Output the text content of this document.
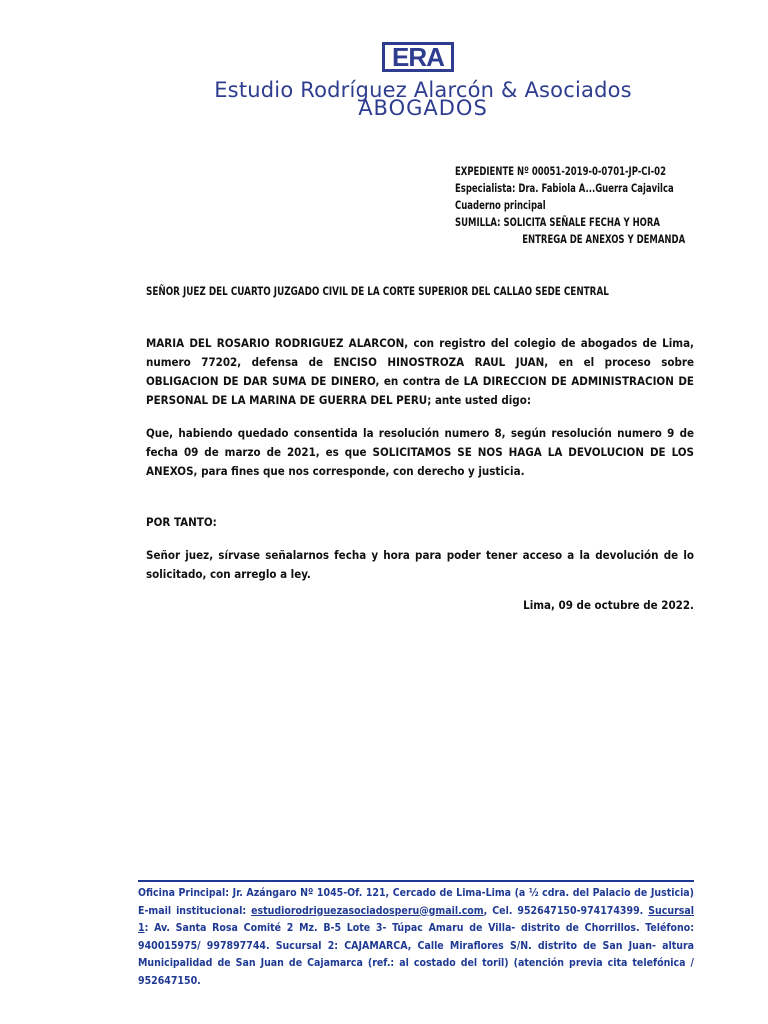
ERA
Estudio Rodríguez Alarcón & Asociados
ABOGADOS
EXPEDIENTE Nº 00051-2019-0-0701-JP-CI-02
Especialista: Dra. Fabiola A...Guerra Cajavilca
Cuaderno principal
SUMILLA: SOLICITA SEÑALE FECHA Y HORA
ENTREGA DE ANEXOS Y DEMANDA
SEÑOR JUEZ DEL CUARTO JUZGADO CIVIL DE LA CORTE SUPERIOR DEL CALLAO SEDE CENTRAL
MARIA DEL ROSARIO RODRIGUEZ ALARCON, con registro del colegio de abogados de Lima, numero 77202, defensa de ENCISO HINOSTROZA RAUL JUAN, en el proceso sobre OBLIGACION DE DAR SUMA DE DINERO, en contra de LA DIRECCION DE ADMINISTRACION DE PERSONAL DE LA MARINA DE GUERRA DEL PERU; ante usted digo:
Que, habiendo quedado consentida la resolución numero 8, según resolución numero 9 de fecha 09 de marzo de 2021, es que SOLICITAMOS SE NOS HAGA LA DEVOLUCION DE LOS ANEXOS, para fines que nos corresponde, con derecho y justicia.
POR TANTO:
Señor juez, sírvase señalarnos fecha y hora para poder tener acceso a la devolución de lo solicitado, con arreglo a ley.
Lima, 09 de octubre de 2022.
Oficina Principal: Jr. Azángaro Nº 1045-Of. 121, Cercado de Lima-Lima (a ½ cdra. del Palacio de Justicia) E-mail institucional: estudiorodriguezasociadosperu@gmail.com, Cel. 952647150-974174399. Sucursal 1: Av. Santa Rosa Comité 2 Mz. B-5 Lote 3- Túpac Amaru de Villa- distrito de Chorrillos. Teléfono: 940015975/ 997897744. Sucursal 2: CAJAMARCA, Calle Miraflores S/N. distrito de San Juan- altura Municipalidad de San Juan de Cajamarca (ref.: al costado del toril) (atención previa cita telefónica / 952647150.
